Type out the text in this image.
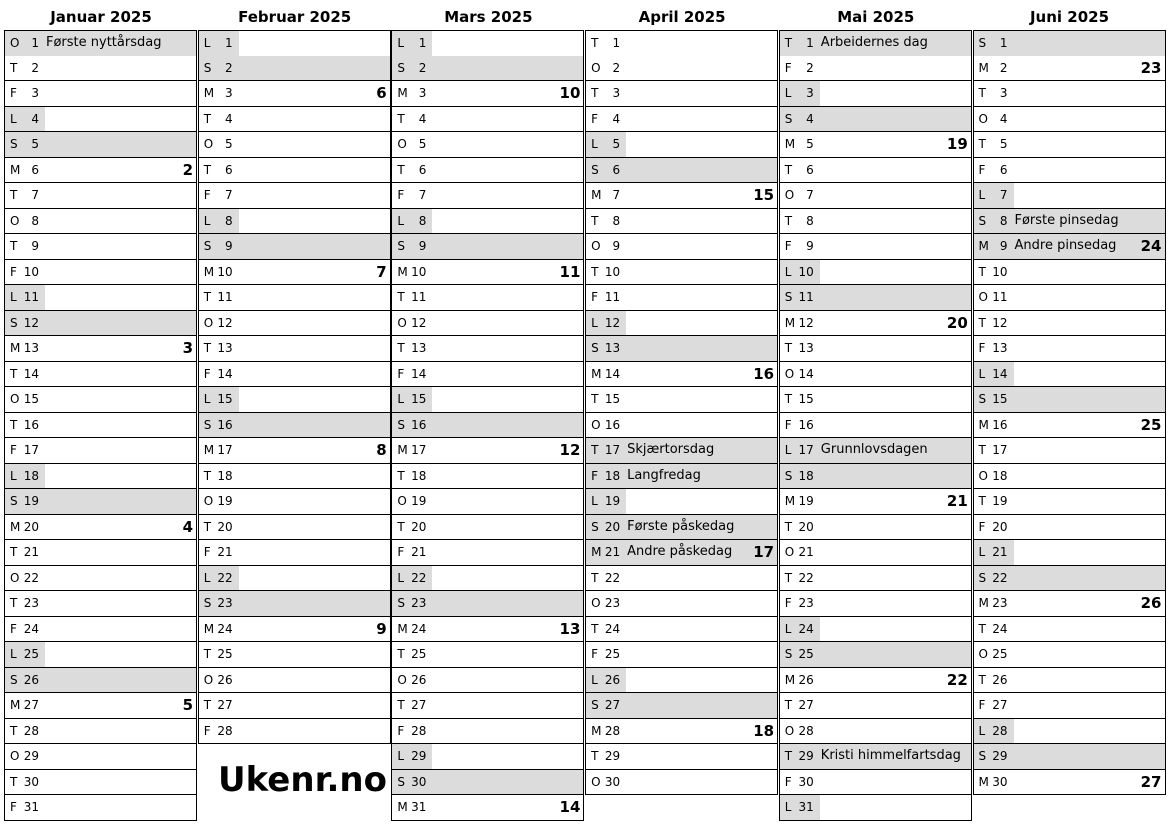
Januar 2025
O 1 Første nyttårsdag
T	2
F	3
L	4
S	5
M 6	2
T	7
O 8
T	9
F 10
L 11
S 12
M 13	3
T 14
O 15
T 16
F 17
L 18
S 19
M 20	4
T 21
O 22
T 23
F 24
L 25
S 26
M 27	5
T 28
O 29
T 30
F 31
Februar 2025
L	1
S	2
M 3	6
T	4
O 5
T	6
F	7
L	8
S	9
M 10	7
T 11
O 12
T 13
F 14
L 15
S 16
M 17	8
T 18
O 19
T 20
F 21
L 22
S 23
M 24	9
T 25
O 26
T 27
F 28
Mars 2025
L	1
S	2
M 3	10
T	4
O 5
T	6
F	7
L	8
S	9
M 10	11
T 11
O 12
T 13
F 14
L 15
S 16
M 17	12
T 18
O 19
T 20
F 21
L 22
S 23
M 24	13
T 25
O 26
T 27
F 28
L 29
S 30
M 31	14
April 2025
T	1
O 2
T	3
F	4
L	5
S	6
M 7	15
T	8
O 9
T 10
F 11
L 12
S 13
M 14	16
T 15
O 16
T 17 Skjærtorsdag
F 18 Langfredag
L 19
S 20 Første påskedag
M 21 Andre påskedag 17
T 22
O 23
T 24
F 25
L 26
S 27
M 28	18
T 29
O 30
Mai 2025
T	1 Arbeidernes dag
F	2
L	3
S	4
M 5	19
T	6
O 7
T	8
F	9
L 10
S 11
M 12	20
T 13
O 14
T 15
F 16
L 17 Grunnlovsdagen
S 18
M 19	21
T 20
O 21
T 22
F 23
L 24
S 25
M 26	22
T 27
O 28
T 29 Kristi himmelfartsdag
F 30
L 31
Juni 2025
S	1
M 2	23
T	3
O 4
T	5
F	6
L	7
S	8 Første pinsedag
M 9 Andre pinsedag 24
T 10
O 11
T 12
F 13
L 14
S 15
M 16	25
T 17
O 18
T 19
F 20
L 21
S 22
M 23	26
T 24
O 25
T 26
F 27
L 28
S 29
M 30	27
Ukenr.no
